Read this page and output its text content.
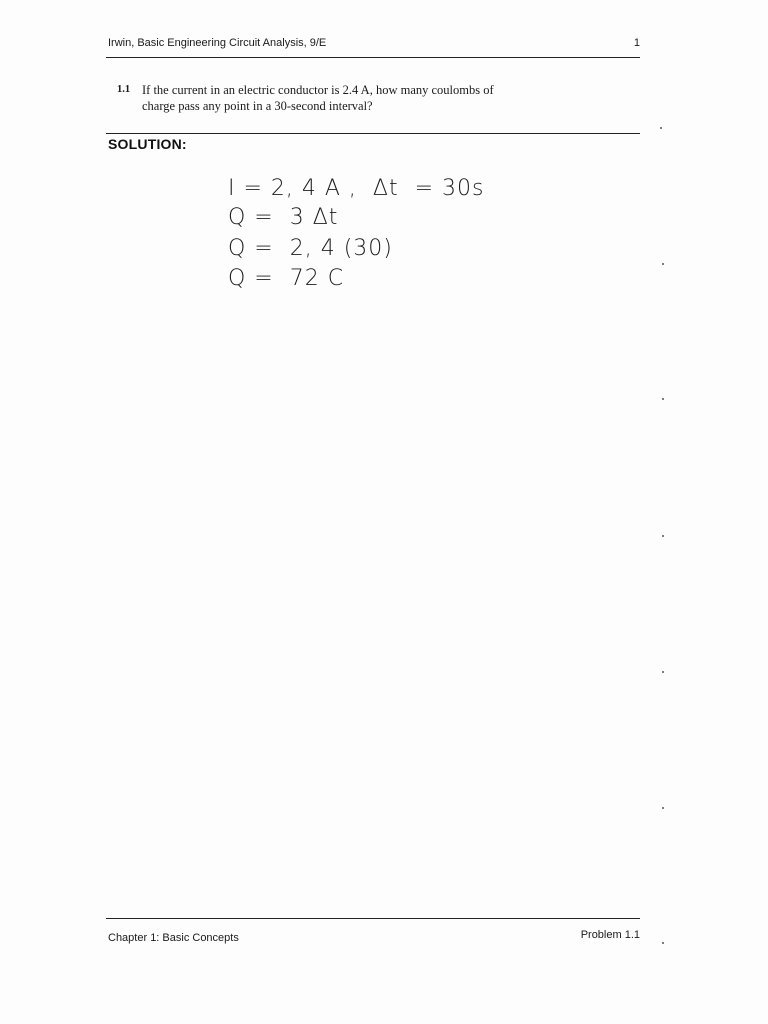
Irwin, Basic Engineering Circuit Analysis, 9/E	1
1.1 If the current in an electric conductor is 2.4 A, how many coulombs of charge pass any point in a 30-second interval?
SOLUTION:
I = 2, 4 A ,  Δt  = 30s
Q =  3 Δt
Q =  2, 4 (30)
Q =  72 C
Chapter 1: Basic Concepts	Problem 1.1
